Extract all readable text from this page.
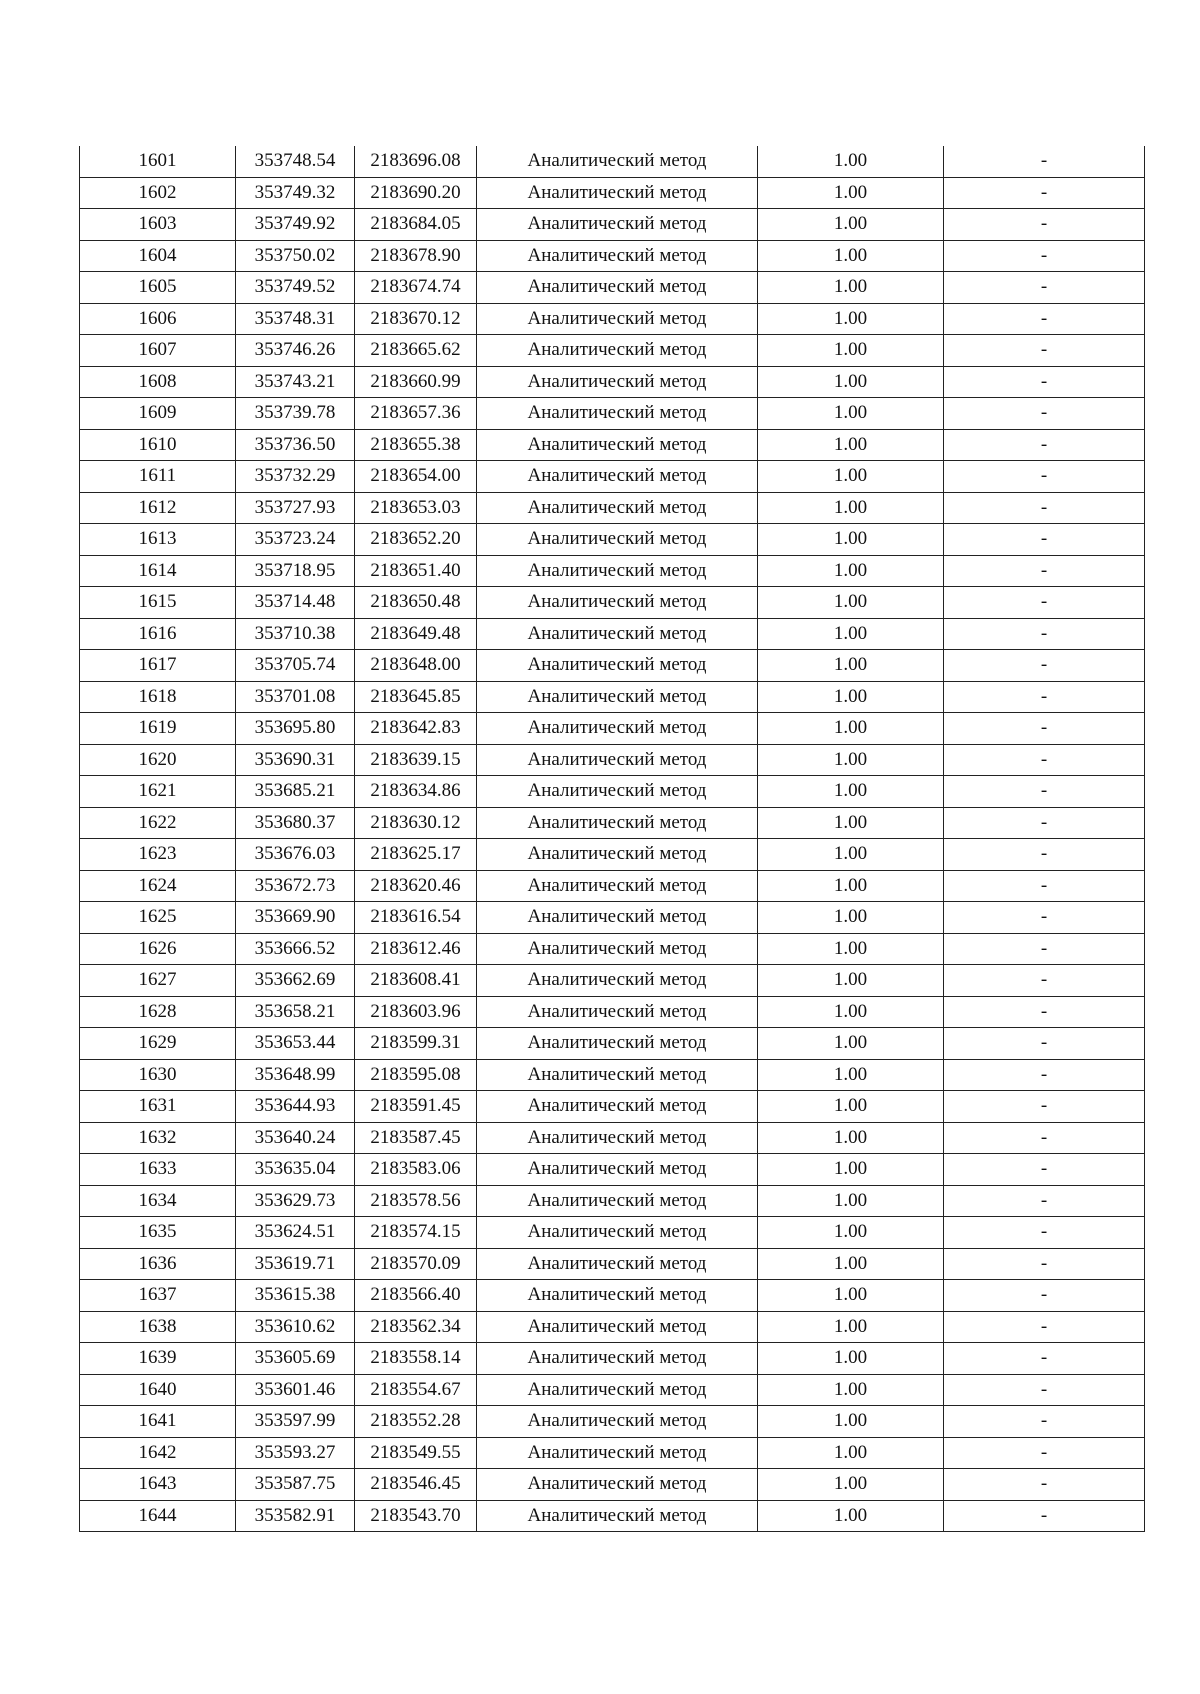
1601	353748.54	2183696.08	Аналитический метод	1.00	-
1602	353749.32	2183690.20	Аналитический метод	1.00	-
1603	353749.92	2183684.05	Аналитический метод	1.00	-
1604	353750.02	2183678.90	Аналитический метод	1.00	-
1605	353749.52	2183674.74	Аналитический метод	1.00	-
1606	353748.31	2183670.12	Аналитический метод	1.00	-
1607	353746.26	2183665.62	Аналитический метод	1.00	-
1608	353743.21	2183660.99	Аналитический метод	1.00	-
1609	353739.78	2183657.36	Аналитический метод	1.00	-
1610	353736.50	2183655.38	Аналитический метод	1.00	-
1611	353732.29	2183654.00	Аналитический метод	1.00	-
1612	353727.93	2183653.03	Аналитический метод	1.00	-
1613	353723.24	2183652.20	Аналитический метод	1.00	-
1614	353718.95	2183651.40	Аналитический метод	1.00	-
1615	353714.48	2183650.48	Аналитический метод	1.00	-
1616	353710.38	2183649.48	Аналитический метод	1.00	-
1617	353705.74	2183648.00	Аналитический метод	1.00	-
1618	353701.08	2183645.85	Аналитический метод	1.00	-
1619	353695.80	2183642.83	Аналитический метод	1.00	-
1620	353690.31	2183639.15	Аналитический метод	1.00	-
1621	353685.21	2183634.86	Аналитический метод	1.00	-
1622	353680.37	2183630.12	Аналитический метод	1.00	-
1623	353676.03	2183625.17	Аналитический метод	1.00	-
1624	353672.73	2183620.46	Аналитический метод	1.00	-
1625	353669.90	2183616.54	Аналитический метод	1.00	-
1626	353666.52	2183612.46	Аналитический метод	1.00	-
1627	353662.69	2183608.41	Аналитический метод	1.00	-
1628	353658.21	2183603.96	Аналитический метод	1.00	-
1629	353653.44	2183599.31	Аналитический метод	1.00	-
1630	353648.99	2183595.08	Аналитический метод	1.00	-
1631	353644.93	2183591.45	Аналитический метод	1.00	-
1632	353640.24	2183587.45	Аналитический метод	1.00	-
1633	353635.04	2183583.06	Аналитический метод	1.00	-
1634	353629.73	2183578.56	Аналитический метод	1.00	-
1635	353624.51	2183574.15	Аналитический метод	1.00	-
1636	353619.71	2183570.09	Аналитический метод	1.00	-
1637	353615.38	2183566.40	Аналитический метод	1.00	-
1638	353610.62	2183562.34	Аналитический метод	1.00	-
1639	353605.69	2183558.14	Аналитический метод	1.00	-
1640	353601.46	2183554.67	Аналитический метод	1.00	-
1641	353597.99	2183552.28	Аналитический метод	1.00	-
1642	353593.27	2183549.55	Аналитический метод	1.00	-
1643	353587.75	2183546.45	Аналитический метод	1.00	-
1644	353582.91	2183543.70	Аналитический метод	1.00	-
